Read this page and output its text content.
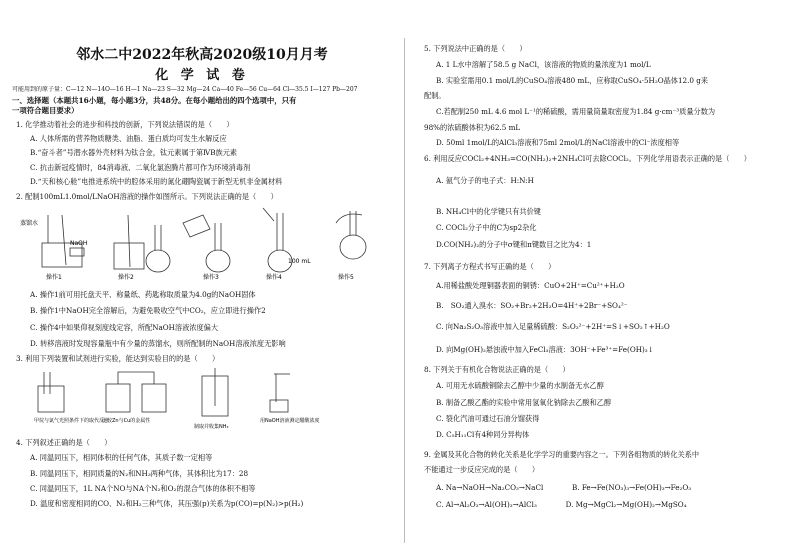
邻水二中2022年秋高2020级10月月考
化 学 试 卷
可能用到的原子量：C—12 N—14O—16 H—1 Na—23 S—32 Mg—24 Ca—40 Fe—56 Cu—64 Cl—35.5 I—127 Pb—207
一、选择题（本题共16小题，每小题3分，共48分。在每小题给出的四个选项中，只有
一项符合题目要求）
1. 化学推动着社会的进步和科技的创新，下列说法错误的是（　　）
A. 人体所需的营养物质糖类、油脂、蛋白质均可发生水解反应
B.“奋斗者”号潜水器外壳材料为钛合金，钛元素属于第ⅣB族元素
C. 抗击新冠疫情时，84消毒液、二氧化氯泡腾片都可作为环境消毒剂
D.“天和核心舱”电推进系统中的腔体采用的氮化硼陶瓷属于新型无机非金属材料
2. 配制100mL1.0mol/LNaOH溶液的操作如图所示。下列说法正确的是（　　）
蒸馏水
NaOH
100 mL
操作1	操作2	操作3	操作4	操作5
A. 操作1前可用托盘天平、称量纸、药匙称取质量为4.0g的NaOH固体
B. 操作1中NaOH完全溶解后，为避免吸收空气中CO₂，应立即进行操作2
C. 操作4中如果仰视刻度线定容，所配NaOH溶液浓度偏大
D. 转移溶液时发现容量瓶中有少量的蒸馏水，则所配制的NaOH溶液浓度无影响
3. 利用下列装置和试剂进行实验，能达到实验目的的是（　　）
甲烷与氯气光照条件下的取代反应
比较Zn与Cu的金属性
制取并收集NH₃
用NaOH溶液测定醋酸浓度
4. 下列叙述正确的是（　　）
A. 同温同压下，相同体积的任何气体，其质子数一定相等
B. 同温同压下，相同质量的N₂和NH₃两种气体，其体积比为17：28
C. 同温同压下，1L NA个NO与NA个N₂和O₂的混合气体的体积不相等
D. 温度和密度相同的CO、N₂和H₂三种气体，其压强(p)关系为p(CO)=p(N₂)>p(H₂)
5. 下列说法中正确的是（　　）
A. 1 L水中溶解了58.5 g NaCl，该溶液的物质的量浓度为1 mol/L
B. 实验室需用0.1 mol/L的CuSO₄溶液480 mL，应称取CuSO₄·5H₂O晶体12.0 g来
配制。
C.若配制250 mL 4.6 mol L⁻¹的稀硫酸，需用量筒量取密度为1.84 g·cm⁻³质量分数为
98%的浓硫酸体积为62.5 mL
D. 50ml 1mol/L的AlCl₃溶液和75ml 2mol/L的NaCl溶液中的Cl⁻浓度相等
6. 利用反应COCl₂+4NH₃=CO(NH₂)₂+2NH₄Cl可去除COCl₂。下列化学用语表示正确的是（　　）
A. 氨气分子的电子式：H:N:H
B. NH₄Cl中的化学键只有共价键
C. COCl₂分子中的C为sp2杂化
D.CO(NH₂)₂的分子中σ键和π键数目之比为4：1
7. 下列离子方程式书写正确的是（　　）
A.用稀盐酸处理铜器表面的铜锈：CuO+2H⁺=Cu²⁺+H₂O
B.　SO₂通入溴水：SO₂+Br₂+2H₂O=4H⁺+2Br⁻+SO₄²⁻
C. 向Na₂S₂O₃溶液中加入足量稀硫酸：S₂O₃²⁻+2H⁺=S↓+SO₂↑+H₂O
D. 向Mg(OH)₂悬浊液中加入FeCl₃溶液：3OH⁻+Fe³⁺=Fe(OH)₃↓
8. 下列关于有机化合物说法正确的是（　　）
A. 可用无水硫酸铜除去乙醇中少量的水制备无水乙醇
B. 制备乙酸乙酯的实验中常用氢氧化钠除去乙酸和乙醇
C. 裂化汽油可通过石油分馏获得
D. C₅H₁₁Cl有4种同分异构体
9. 金属及其化合物的转化关系是化学学习的重要内容之一。下列各组物质的转化关系中
不能通过一步反应完成的是（　　）
A. Na→NaOH→Na₂CO₃→NaCl　　　　B. Fe→Fe(NO₃)₃→Fe(OH)₃→Fe₂O₃
C. Al→Al₂O₃→Al(OH)₃→AlCl₃　　　　D. Mg→MgCl₂→Mg(OH)₂→MgSO₄
